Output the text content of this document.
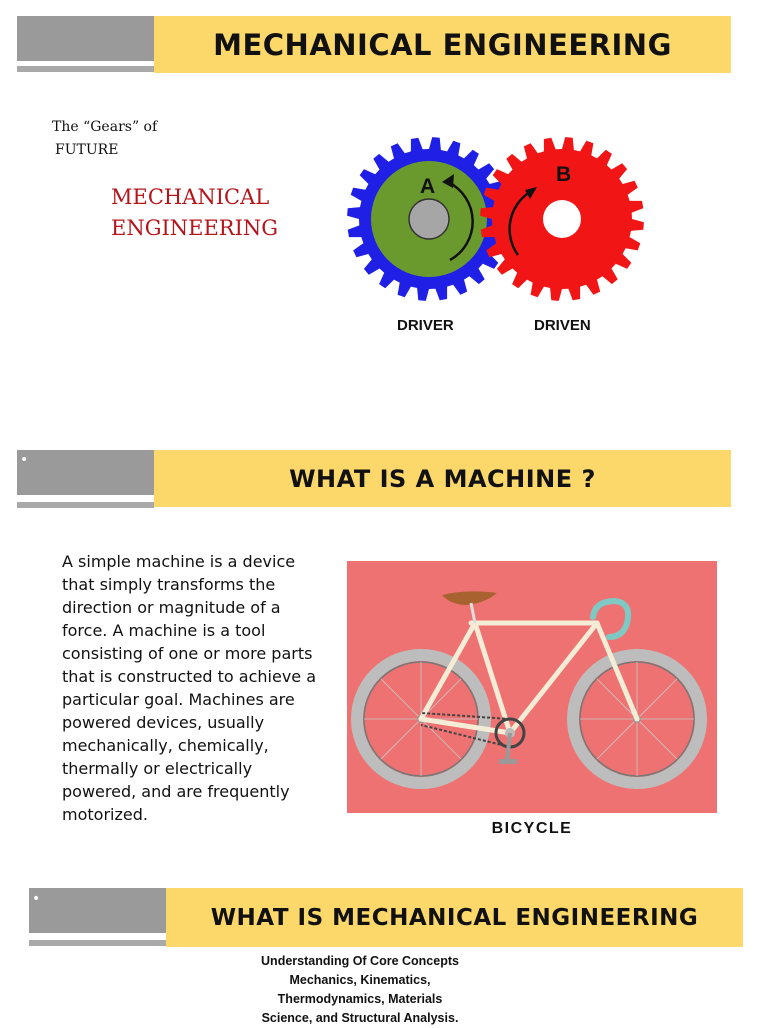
MECHANICAL ENGINEERING
The “Gears” of
FUTURE
MECHANICAL
ENGINEERING
A
B
DRIVER	DRIVEN
•
WHAT IS A MACHINE ?
A simple machine is a device that simply transforms the direction or magnitude of a force. A machine is a tool consisting of one or more parts that is constructed to achieve a particular goal. Machines are powered devices, usually mechanically, chemically, thermally or electrically powered, and are frequently motorized.
BICYCLE
•
WHAT IS MECHANICAL ENGINEERING
Understanding Of Core Concepts
Mechanics, Kinematics,
Thermodynamics, Materials
Science, and Structural Analysis.
